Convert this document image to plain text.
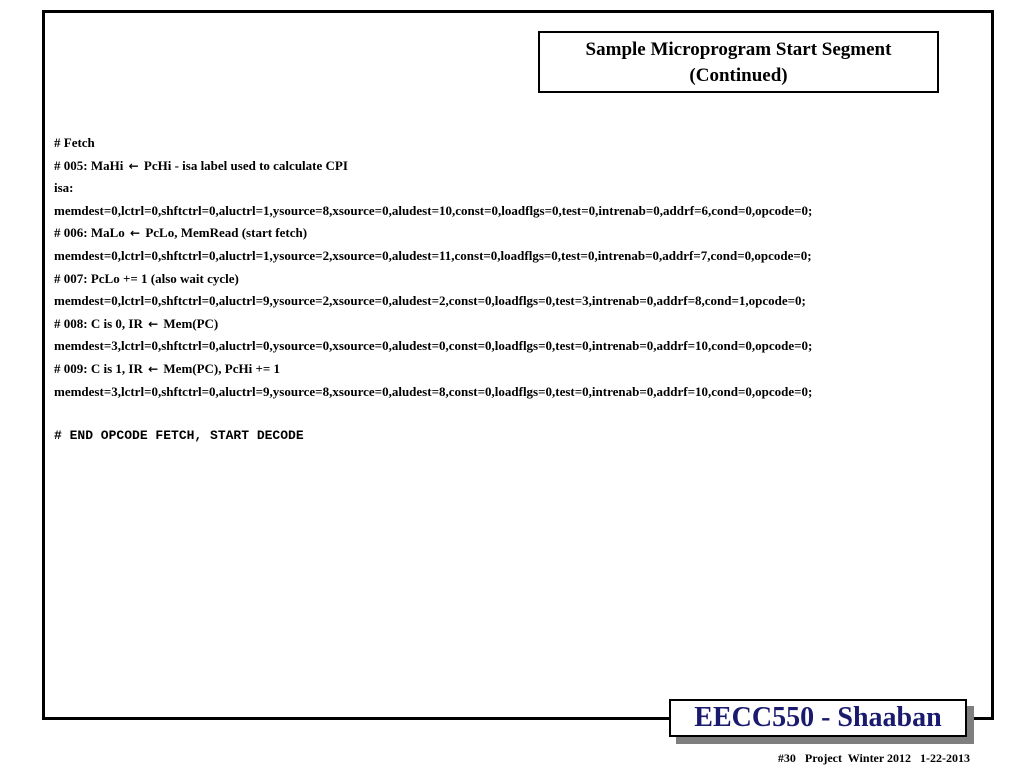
Sample Microprogram Start Segment
(Continued)
# Fetch
# 005: MaHi ← PcHi - isa label used to calculate CPI
isa:
memdest=0,lctrl=0,shftctrl=0,aluctrl=1,ysource=8,xsource=0,aludest=10,const=0,loadflgs=0,test=0,intrenab=0,addrf=6,cond=0,opcode=0;
# 006: MaLo ← PcLo, MemRead (start fetch)
memdest=0,lctrl=0,shftctrl=0,aluctrl=1,ysource=2,xsource=0,aludest=11,const=0,loadflgs=0,test=0,intrenab=0,addrf=7,cond=0,opcode=0;
# 007: PcLo += 1 (also wait cycle)
memdest=0,lctrl=0,shftctrl=0,aluctrl=9,ysource=2,xsource=0,aludest=2,const=0,loadflgs=0,test=3,intrenab=0,addrf=8,cond=1,opcode=0;
# 008: C is 0, IR ← Mem(PC)
memdest=3,lctrl=0,shftctrl=0,aluctrl=0,ysource=0,xsource=0,aludest=0,const=0,loadflgs=0,test=0,intrenab=0,addrf=10,cond=0,opcode=0;
# 009: C is 1, IR ← Mem(PC), PcHi += 1
memdest=3,lctrl=0,shftctrl=0,aluctrl=9,ysource=8,xsource=0,aludest=8,const=0,loadflgs=0,test=0,intrenab=0,addrf=10,cond=0,opcode=0;
# END OPCODE FETCH, START DECODE
EECC550 - Shaaban
#30   Project  Winter 2012   1-22-2013
